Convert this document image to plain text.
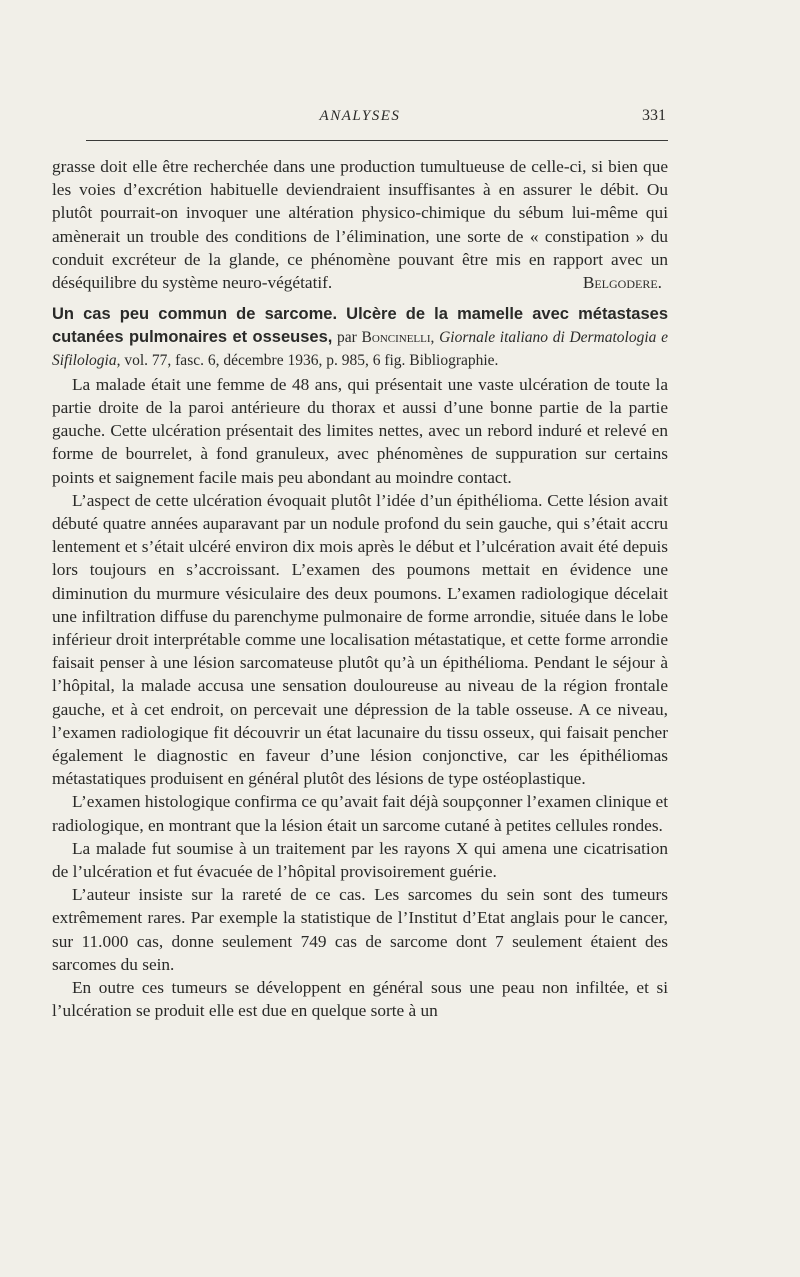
ANALYSES	331

grasse doit elle être recherchée dans une production tumultueuse de celle-ci, si bien que les voies d’excrétion habituelle deviendraient insuffisantes à en assurer le débit. Ou plutôt pourrait-on invoquer une altération physico-chimique du sébum lui-même qui amènerait un trouble des conditions de l’élimination, une sorte de « constipation » du conduit excréteur de la glande, ce phénomène pouvant être mis en rapport avec un déséquilibre du système neuro-végétatif.	Belgodere.

Un cas peu commun de sarcome. Ulcère de la mamelle avec métastases cutanées pulmonaires et osseuses, par Boncinelli, Giornale italiano di Dermatologia e Sifilologia, vol. 77, fasc. 6, décembre 1936, p. 985, 6 fig. Bibliographie.

La malade était une femme de 48 ans, qui présentait une vaste ulcération de toute la partie droite de la paroi antérieure du thorax et aussi d’une bonne partie de la partie gauche. Cette ulcération présentait des limites nettes, avec un rebord induré et relevé en forme de bourrelet, à fond granuleux, avec phénomènes de suppuration sur certains points et saignement facile mais peu abondant au moindre contact.

L’aspect de cette ulcération évoquait plutôt l’idée d’un épithélioma. Cette lésion avait débuté quatre années auparavant par un nodule profond du sein gauche, qui s’était accru lentement et s’était ulcéré environ dix mois après le début et l’ulcération avait été depuis lors toujours en s’accroissant. L’examen des poumons mettait en évidence une diminution du murmure vésiculaire des deux poumons. L’examen radiologique décelait une infiltration diffuse du parenchyme pulmonaire de forme arrondie, située dans le lobe inférieur droit interprétable comme une localisation métastatique, et cette forme arrondie faisait penser à une lésion sarcomateuse plutôt qu’à un épithélioma. Pendant le séjour à l’hôpital, la malade accusa une sensation douloureuse au niveau de la région frontale gauche, et à cet endroit, on percevait une dépression de la table osseuse. A ce niveau, l’examen radiologique fit découvrir un état lacunaire du tissu osseux, qui faisait pencher également le diagnostic en faveur d’une lésion conjonctive, car les épithéliomas métastatiques produisent en général plutôt des lésions de type ostéoplastique.

L’examen histologique confirma ce qu’avait fait déjà soupçonner l’examen clinique et radiologique, en montrant que la lésion était un sarcome cutané à petites cellules rondes.

La malade fut soumise à un traitement par les rayons X qui amena une cicatrisation de l’ulcération et fut évacuée de l’hôpital provisoirement guérie.

L’auteur insiste sur la rareté de ce cas. Les sarcomes du sein sont des tumeurs extrêmement rares. Par exemple la statistique de l’Institut d’Etat anglais pour le cancer, sur 11.000 cas, donne seulement 749 cas de sarcome dont 7 seulement étaient des sarcomes du sein.

En outre ces tumeurs se développent en général sous une peau non infiltée, et si l’ulcération se produit elle est due en quelque sorte à un
